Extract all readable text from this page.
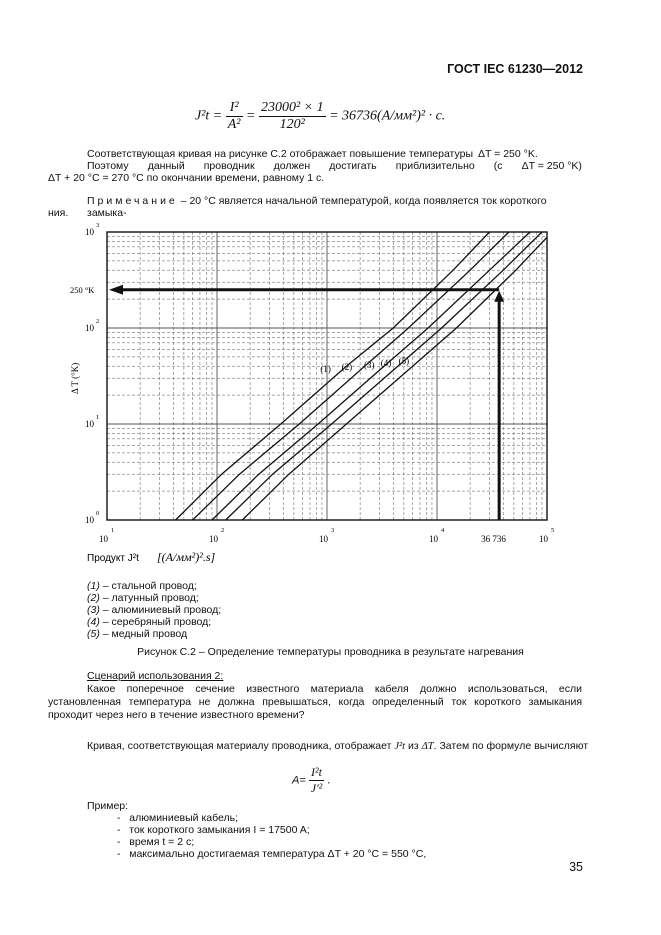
ГОСТ IEC 61230—2012
$J^2t = \frac{\text{I²}}{\text{A²}} = \frac{\text{23000² × 1}}{\text{120²}} = 36736(A/мм^2)^2 \cdot c$.
Соответствующая кривая на рисунке С.2 отображает повышение температуры ΔT = 250 °K.
Поэтому данный проводник должен достигать приблизительно (с ΔT = 250 °K)
ΔT + 20 °C = 270 °C по окончании времени, равному 1 с.
Примечание – 20 °C является начальной температурой, когда появляется ток короткого замыка-
ния.
(1) (2) (3) (4) (5)
10
1
10
2
10
3
10
4
10
5
10
0
10
1
10
2
10
3
Δ T (°K)
250 °K
36 736
Продукт J²t [(A/мм²)².s]
(1) – стальной провод;
(2) – латунный провод;
(3) – алюминиевый провод;
(4) – серебряный провод;
(5) – медный провод
Рисунок С.2 – Определение температуры проводника в результате нагревания
Сценарий использования 2:
Какое поперечное сечение известного материала кабеля должно использоваться, если установленная температура не должна превышаться, когда определенный ток короткого замыкания проходит через него в течение известного времени?
Кривая, соответствующая материалу проводника, отображает J²t из ΔT. Затем по формуле вычисляют
$A= \frac{\text{I²t}}{\text{J'²}}$ .
Пример:
-   алюминиевый кабель;
-   ток короткого замыкания I = 17500 A;
-   время t = 2 c;
-   максимально достигаемая температура ΔT + 20 °C = 550 °C,
35
